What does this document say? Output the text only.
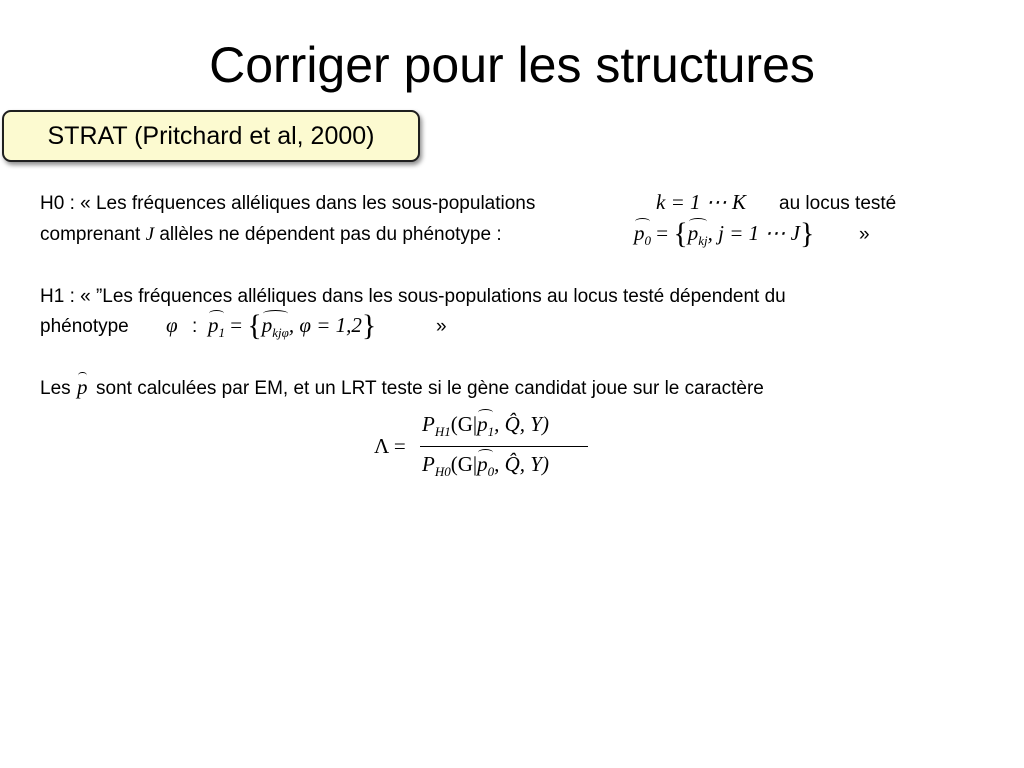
Corriger pour les structures
STRAT (Pritchard et al, 2000)
H0 : « Les fréquences alléliques dans les sous-populations	k = 1 ⋯ K au locus testé
comprenant J allèles ne dépendent pas du phénotype :	$p_0 = \{p_{kj}$, j = 1 ⋯ J} »
H1 : « ”Les fréquences alléliques dans les sous-populations au locus testé dépendent du
phénotype φ : $p_1 = \{p_{kj\varphi}$, φ = 1,2}	»
Les p sont calculées par EM, et un LRT teste si le gène candidat joue sur le caractère
Λ =
$P_{H1}(G|p_1$, Q̂, Y)
$P_{H0}(G|p_0$, Q̂, Y)
